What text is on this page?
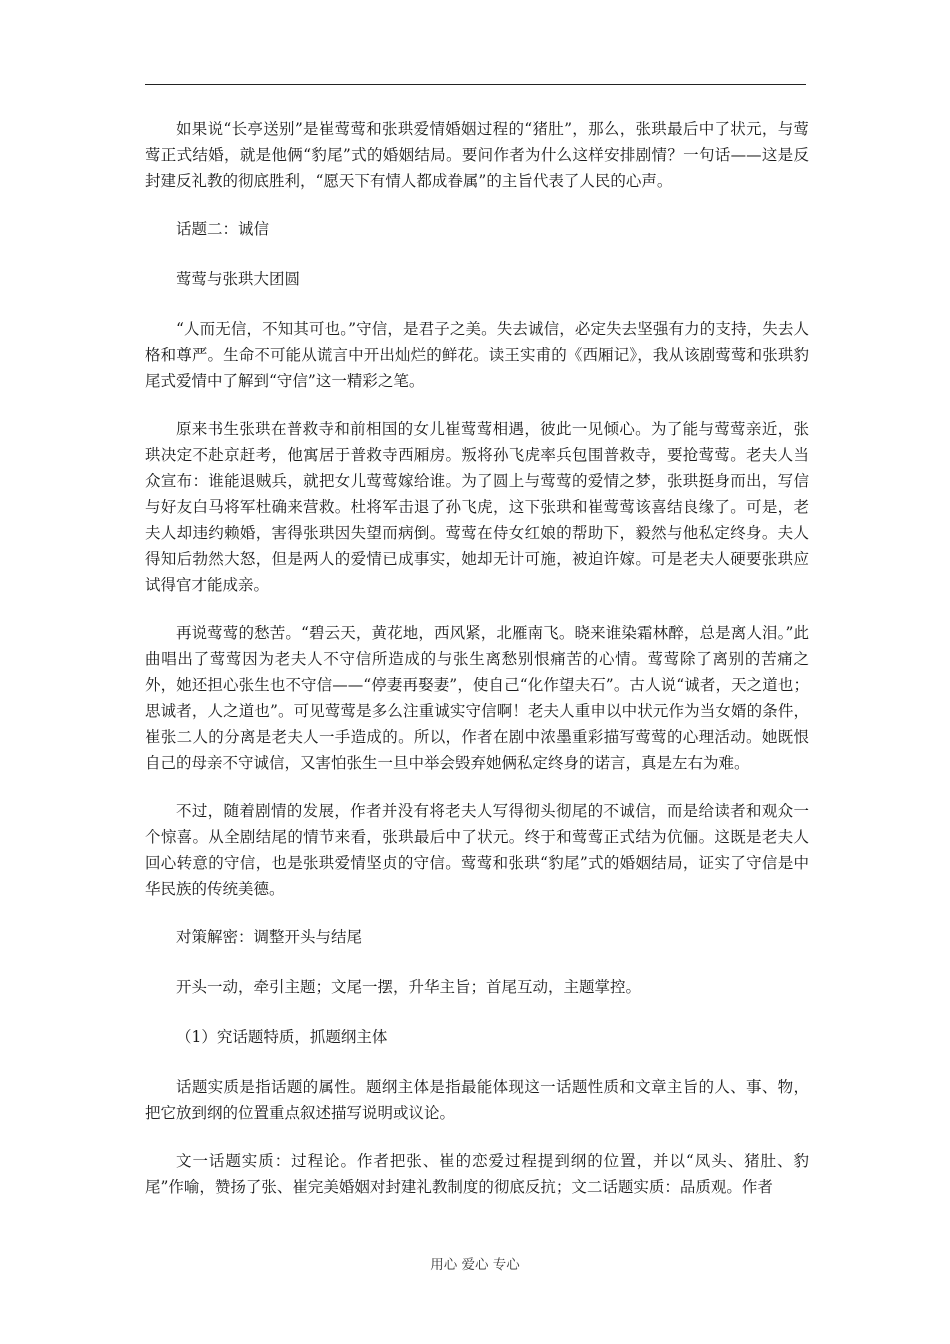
如果说“长亭送别”是崔莺莺和张珙爱情婚姻过程的“猪肚”，那么，张珙最后中了状元，与莺莺正式结婚，就是他俩“豹尾”式的婚姻结局。要问作者为什么这样安排剧情？一句话——这是反封建反礼教的彻底胜利，“愿天下有情人都成眷属”的主旨代表了人民的心声。

话题二：诚信

莺莺与张珙大团圆

“人而无信，不知其可也。”守信，是君子之美。失去诚信，必定失去坚强有力的支持，失去人格和尊严。生命不可能从谎言中开出灿烂的鲜花。读王实甫的《西厢记》，我从该剧莺莺和张珙豹尾式爱情中了解到“守信”这一精彩之笔。

原来书生张珙在普救寺和前相国的女儿崔莺莺相遇，彼此一见倾心。为了能与莺莺亲近，张珙决定不赴京赶考，他寓居于普救寺西厢房。叛将孙飞虎率兵包围普救寺，要抢莺莺。老夫人当众宣布：谁能退贼兵，就把女儿莺莺嫁给谁。为了圆上与莺莺的爱情之梦，张珙挺身而出，写信与好友白马将军杜确来营救。杜将军击退了孙飞虎，这下张珙和崔莺莺该喜结良缘了。可是，老夫人却违约赖婚，害得张珙因失望而病倒。莺莺在侍女红娘的帮助下，毅然与他私定终身。夫人得知后勃然大怒，但是两人的爱情已成事实，她却无计可施，被迫许嫁。可是老夫人硬要张珙应试得官才能成亲。

再说莺莺的愁苦。“碧云天，黄花地，西风紧，北雁南飞。晓来谁染霜林醉，总是离人泪。”此曲唱出了莺莺因为老夫人不守信所造成的与张生离愁别恨痛苦的心情。莺莺除了离别的苦痛之外，她还担心张生也不守信——“停妻再娶妻”，使自己“化作望夫石”。古人说“诚者，天之道也；思诚者，人之道也”。可见莺莺是多么注重诚实守信啊！老夫人重申以中状元作为当女婿的条件，崔张二人的分离是老夫人一手造成的。所以，作者在剧中浓墨重彩描写莺莺的心理活动。她既恨自己的母亲不守诚信，又害怕张生一旦中举会毁弃她俩私定终身的诺言，真是左右为难。

不过，随着剧情的发展，作者并没有将老夫人写得彻头彻尾的不诚信，而是给读者和观众一个惊喜。从全剧结尾的情节来看，张珙最后中了状元。终于和莺莺正式结为伉俪。这既是老夫人回心转意的守信，也是张珙爱情坚贞的守信。莺莺和张珙“豹尾”式的婚姻结局，证实了守信是中华民族的传统美德。

对策解密：调整开头与结尾

开头一动，牵引主题；文尾一摆，升华主旨；首尾互动，主题掌控。

（1）究话题特质，抓题纲主体

话题实质是指话题的属性。题纲主体是指最能体现这一话题性质和文章主旨的人、事、物，把它放到纲的位置重点叙述描写说明或议论。

文一话题实质：过程论。作者把张、崔的恋爱过程提到纲的位置，并以“凤头、猪肚、豹尾”作喻，赞扬了张、崔完美婚姻对封建礼教制度的彻底反抗；文二话题实质：品质观。作者

用心 爱心 专心
